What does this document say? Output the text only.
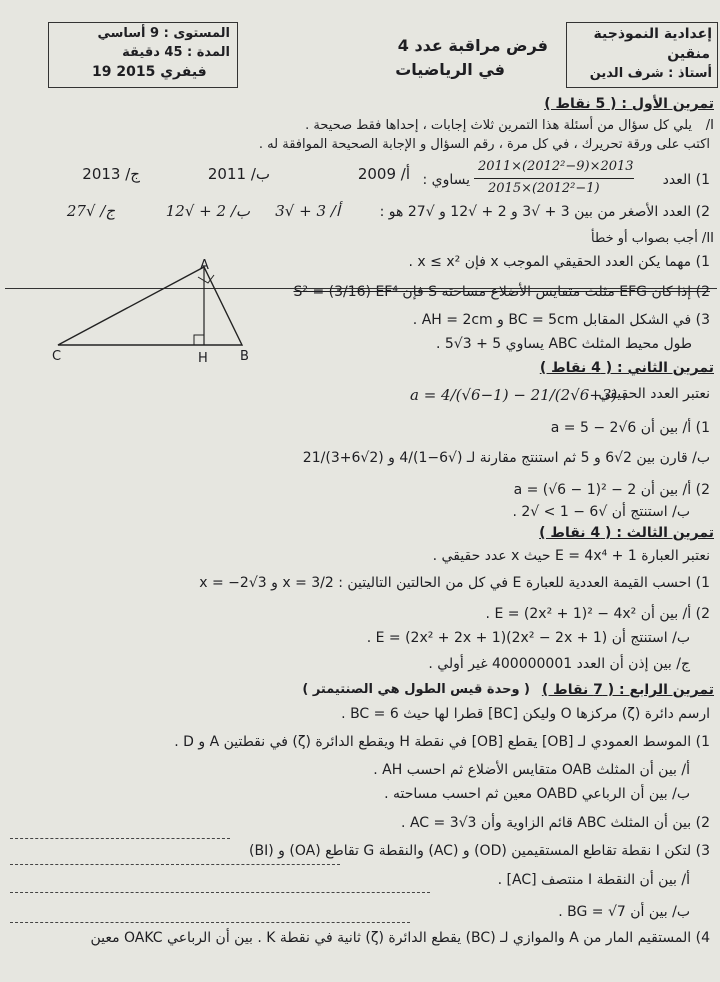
المستوى : 9 أساسي
المدة : 45 دقيقة
19 فيفري 2015
فرض مراقبة عدد 4
في الرياضيات
إعدادية النموذجية
منقين
أستاذ : شرف الدين
تمرين الأول : ( 5 نقاط )
I/
يلي كل سؤال من أسئلة هذا التمرين ثلاث إجابات ، إحداها فقط صحيحة .
اكتب على ورقة تحريرك ، في كل مرة ، رقم السؤال و الإجابة الصحيحة الموافقة له .
1) العدد
2011×(2012²−9)×2013
2015×(2012²−1)
يساوي :
أ/ 2009
ب/ 2011
ج/ 2013
2) العدد الأصغر من بين 3 + √3 و 2 + √12 و √27 هو :
أ/ 3 + √3
ب/ 2 + √12
ج/ √27
II/ أجب بصواب أو خطأ
1) مهما يكن العدد الحقيقي الموجب x فإن x ≤ x² .
2) إذا كان EFG مثلث متقايس الأضلاع مساحته S فإن S² = (3/16) EF⁴
3) في الشكل المقابل BC = 5cm و AH = 2cm .
طول محيط المثلث ABC يساوي 5 + 3√5 .
A
B
C	H
تمرين الثاني : ( 4 نقاط )
نعتبر العدد الحقيقي
a = 4/(√6−1) − 21/(2√6+3) .
1) أ/ بين أن a = 5 − 2√6
ب/ قارن بين 2√6 و 5 ثم استنتج مقارنة لـ (√6−1)/4 و (2√6+3)/21
2) أ/ بين أن a = (√6 − 1)² − 2
ب/ استنتج أن √6 − 1 > √2 .
تمرين الثالث : ( 4 نقاط )
نعتبر العبارة E = 4x⁴ + 1 حيث x عدد حقيقي .
1) احسب القيمة العددية للعبارة E في كل من الحالتين التاليتين : x = 3/2 و x = −2√3
2) أ/ بين أن E = (2x² + 1)² − 4x² .
ب/ استنتج أن E = (2x² + 2x + 1)(2x² − 2x + 1) .
ج/ بين إذن أن العدد 400000001 غير أولي .
تمرين الرابع : ( 7 نقاط )
( وحدة قيس الطول هي الصنتيمتر )
ارسم دائرة (ζ) مركزها O وليكن [BC] قطرا لها حيث BC = 6 .
1) الموسط العمودي لـ [OB] يقطع [OB] في نقطة H ويقطع الدائرة (ζ) في نقطتين A و D .
أ/ بين أن المثلث OAB متقايس الأضلاع ثم احسب AH .
ب/ بين أن الرباعي OABD معين ثم احسب مساحته .
2) بين أن المثلث ABC قائم الزاوية وأن AC = 3√3 .
3) لتكن I نقطة تقاطع المستقيمين (OD) و (AC) والنقطة G تقاطع (OA) و (BI)
أ/ بين أن النقطة I منتصف [AC] .
ب/ بين أن BG = √7 .
4) المستقيم المار من A والموازي لـ (BC) يقطع الدائرة (ζ) ثانية في نقطة K . بين أن الرباعي OAKC معين
